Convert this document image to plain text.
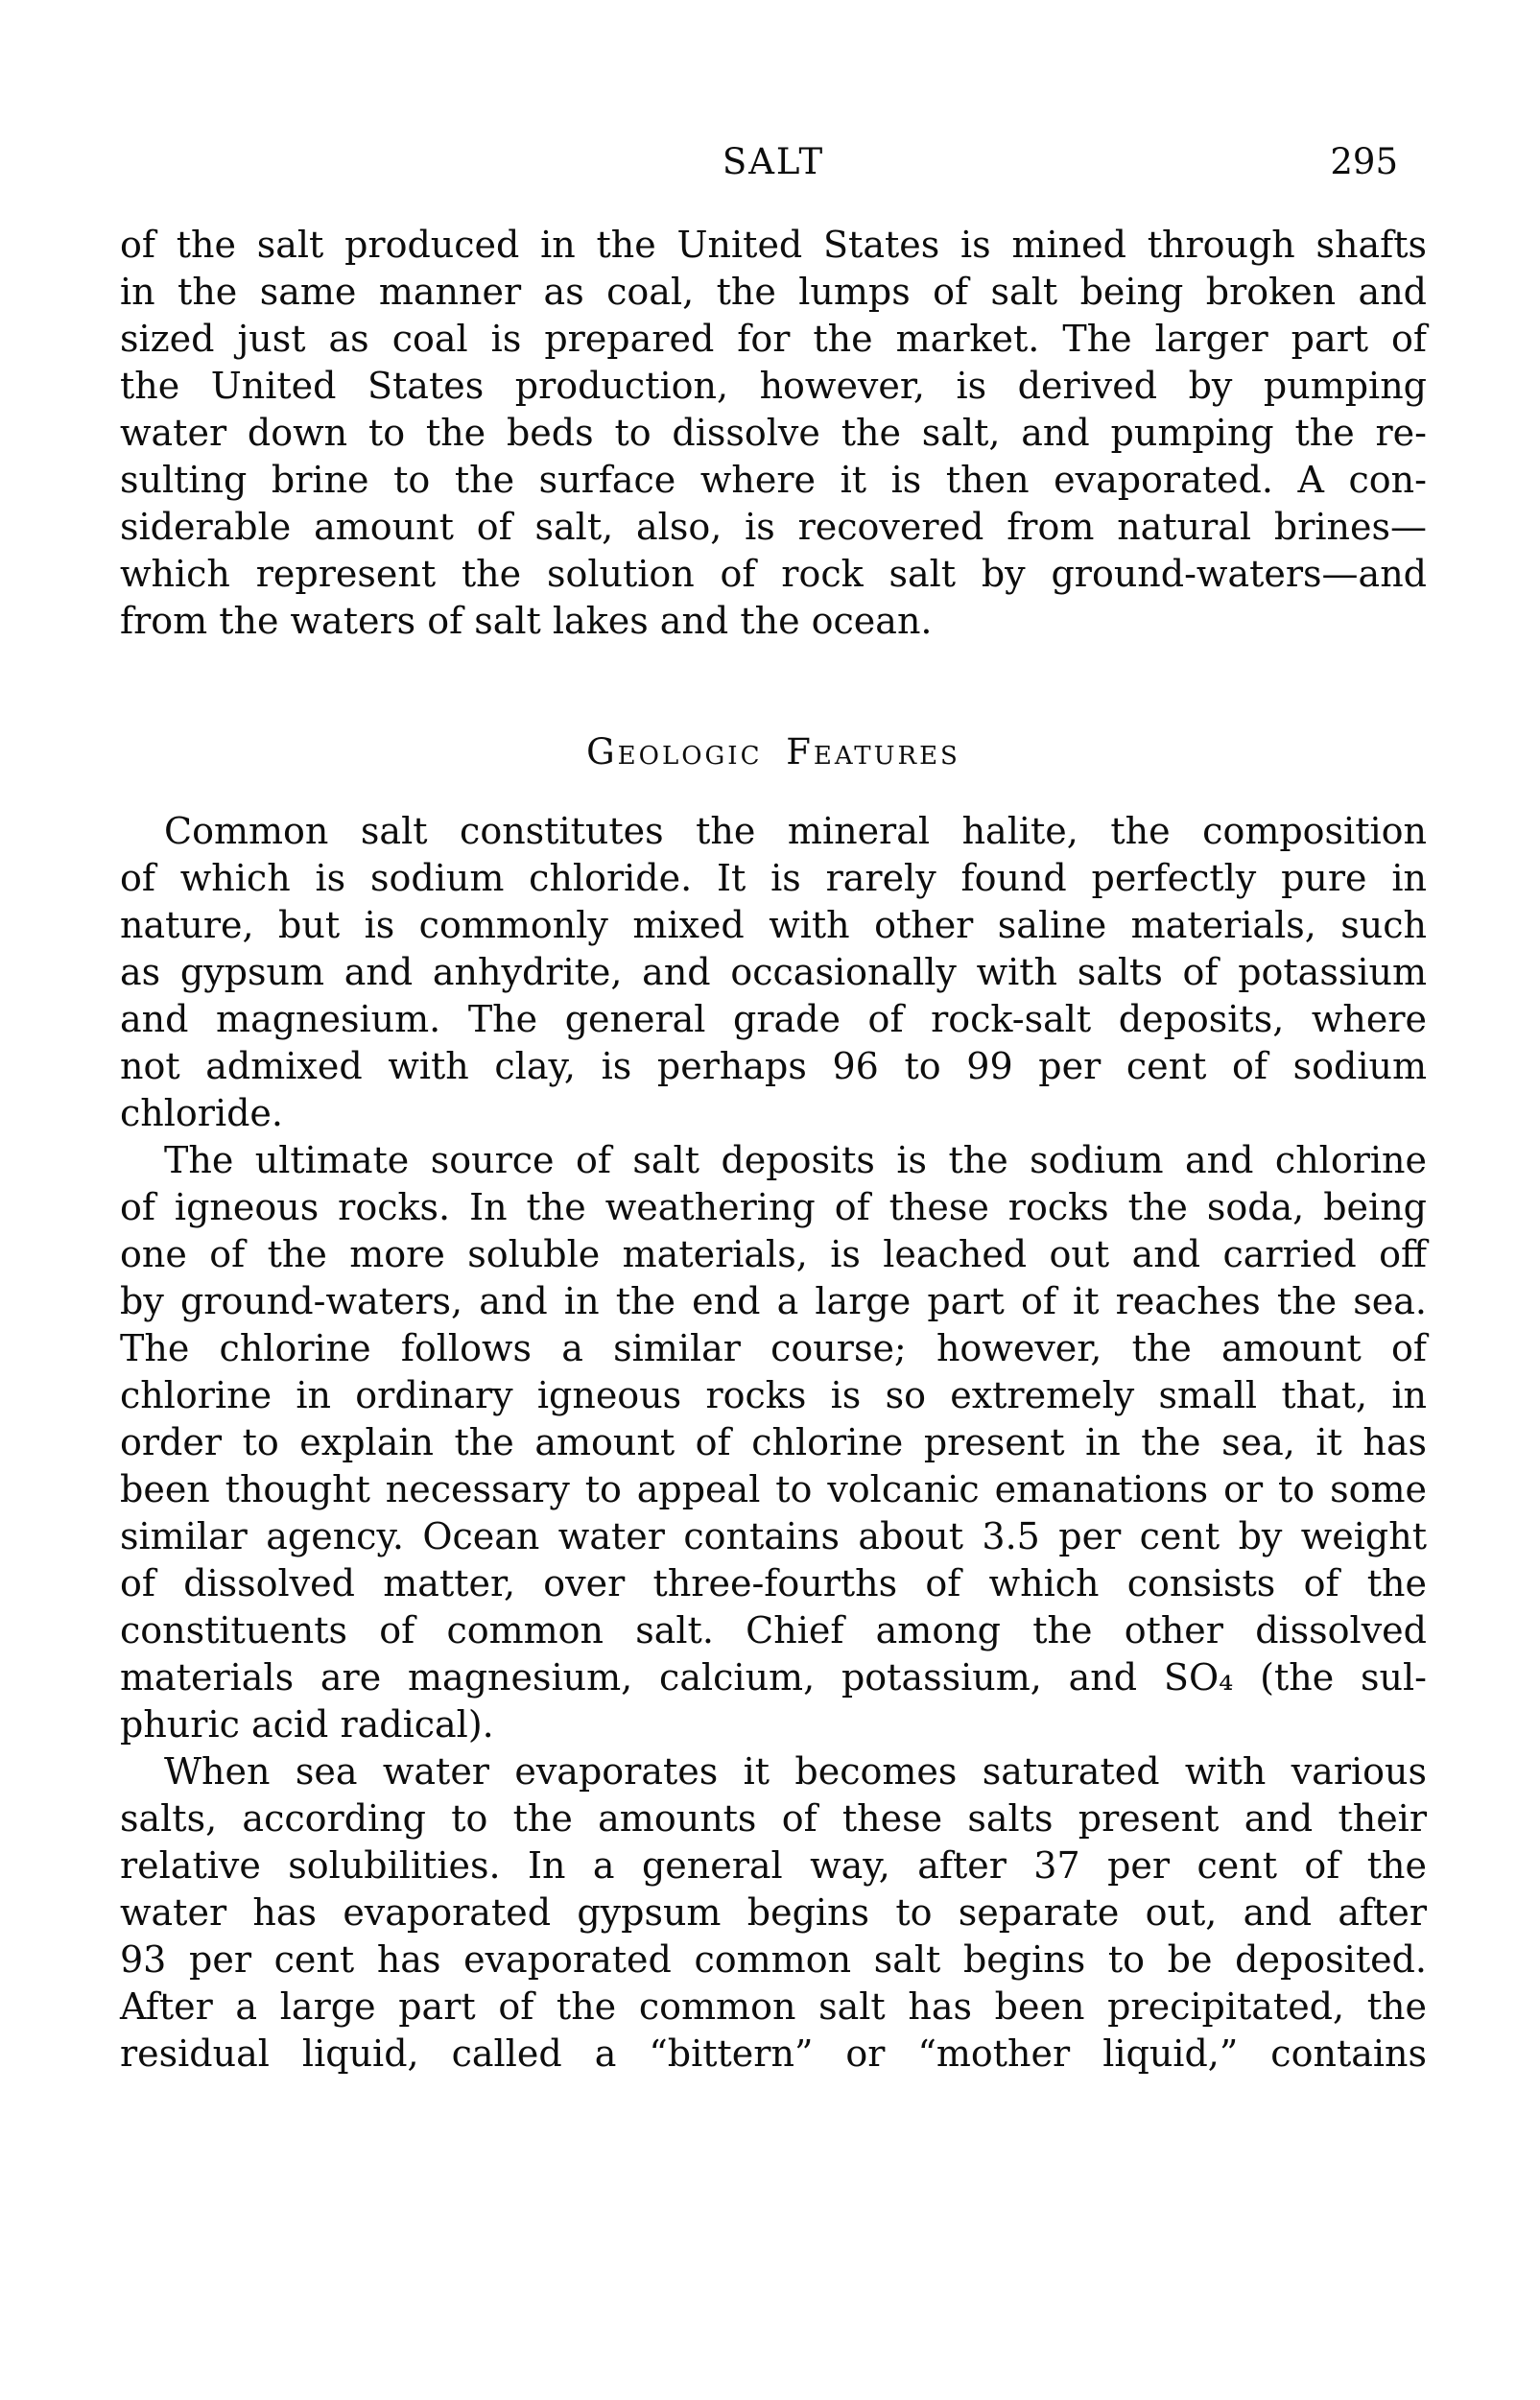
SALT	295
of the salt produced in the United States is mined through shafts
in the same manner as coal, the lumps of salt being broken and
sized just as coal is prepared for the market. The larger part of
the United States production, however, is derived by pumping
water down to the beds to dissolve the salt, and pumping the re-
sulting brine to the surface where it is then evaporated. A con-
siderable amount of salt, also, is recovered from natural brines—
which represent the solution of rock salt by ground-waters—and
from the waters of salt lakes and the ocean.
Geologic Features
Common salt constitutes the mineral halite, the composition
of which is sodium chloride. It is rarely found perfectly pure in
nature, but is commonly mixed with other saline materials, such
as gypsum and anhydrite, and occasionally with salts of potassium
and magnesium. The general grade of rock-salt deposits, where
not admixed with clay, is perhaps 96 to 99 per cent of sodium
chloride.
The ultimate source of salt deposits is the sodium and chlorine
of igneous rocks. In the weathering of these rocks the soda, being
one of the more soluble materials, is leached out and carried off
by ground-waters, and in the end a large part of it reaches the sea.
The chlorine follows a similar course; however, the amount of
chlorine in ordinary igneous rocks is so extremely small that, in
order to explain the amount of chlorine present in the sea, it has
been thought necessary to appeal to volcanic emanations or to some
similar agency. Ocean water contains about 3.5 per cent by weight
of dissolved matter, over three-fourths of which consists of the
constituents of common salt. Chief among the other dissolved
materials are magnesium, calcium, potassium, and SO₄ (the sul-
phuric acid radical).
When sea water evaporates it becomes saturated with various
salts, according to the amounts of these salts present and their
relative solubilities. In a general way, after 37 per cent of the
water has evaporated gypsum begins to separate out, and after
93 per cent has evaporated common salt begins to be deposited.
After a large part of the common salt has been precipitated, the
residual liquid, called a “bittern” or “mother liquid,” contains
